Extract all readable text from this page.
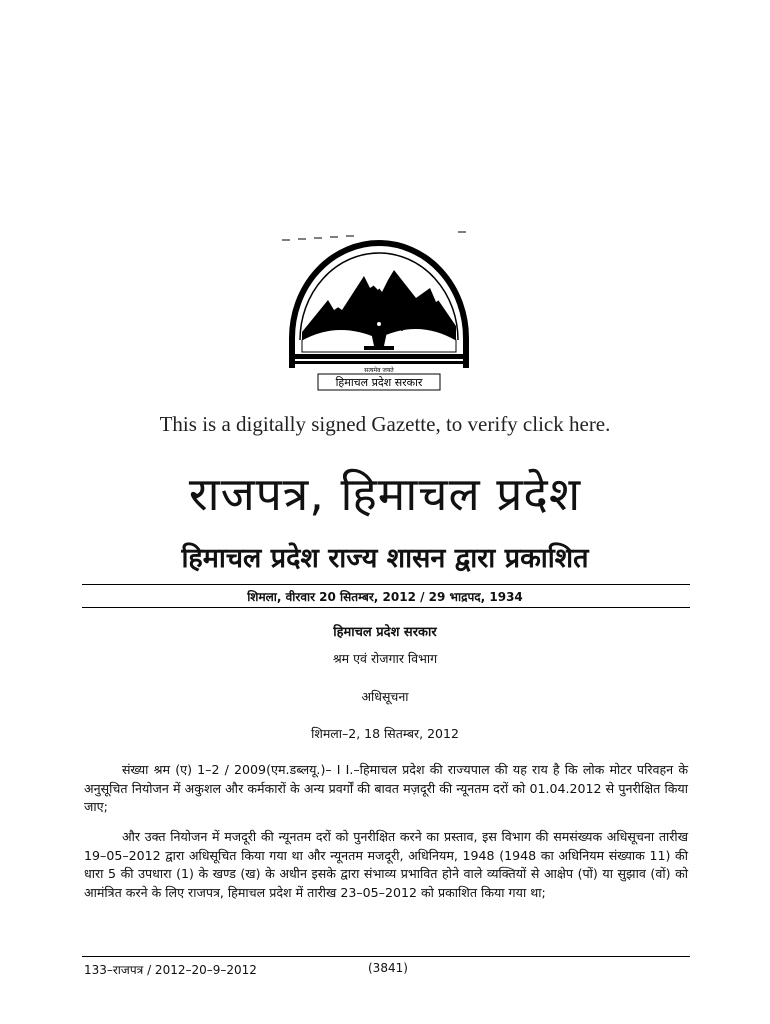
सत्यमेव जयते
हिमाचल प्रदेश सरकार
This is a digitally signed Gazette, to verify click here.
राजपत्र, हिमाचल प्रदेश
हिमाचल प्रदेश राज्य शासन द्वारा प्रकाशित
शिमला, वीरवार 20 सितम्बर, 2012 / 29 भाद्रपद, 1934
हिमाचल प्रदेश सरकार
श्रम एवं रोजगार विभाग
अधिसूचना
शिमला–2, 18 सितम्बर, 2012

संख्या श्रम (ए) 1–2 / 2009(एम.डब्लयू.)– I I.–हिमाचल प्रदेश की राज्यपाल की यह राय है कि लोक मोटर परिवहन के अनुसूचित नियोजन में अकुशल और कर्मकारों के अन्य प्रवर्गों की बावत मज़दूरी की न्यूनतम दरों को 01.04.2012 से पुनरीक्षित किया जाए;

और उक्त नियोजन में मजदूरी की न्यूनतम दरों को पुनरीक्षित करने का प्रस्ताव, इस विभाग की समसंख्यक अधिसूचना तारीख 19–05–2012 द्वारा अधिसूचित किया गया था और न्यूनतम मजदूरी, अधिनियम, 1948 (1948 का अधिनियम संख्याक 11) की धारा 5 की उपधारा (1) के खण्ड (ख) के अधीन इसके द्वारा संभाव्य प्रभावित होने वाले व्यक्तियों से आक्षेप (पों) या सुझाव (वों) को आमंत्रित करने के लिए राजपत्र, हिमाचल प्रदेश में तारीख 23–05–2012 को प्रकाशित किया गया था;

133–राजपत्र / 2012–20–9–2012	(3841)
